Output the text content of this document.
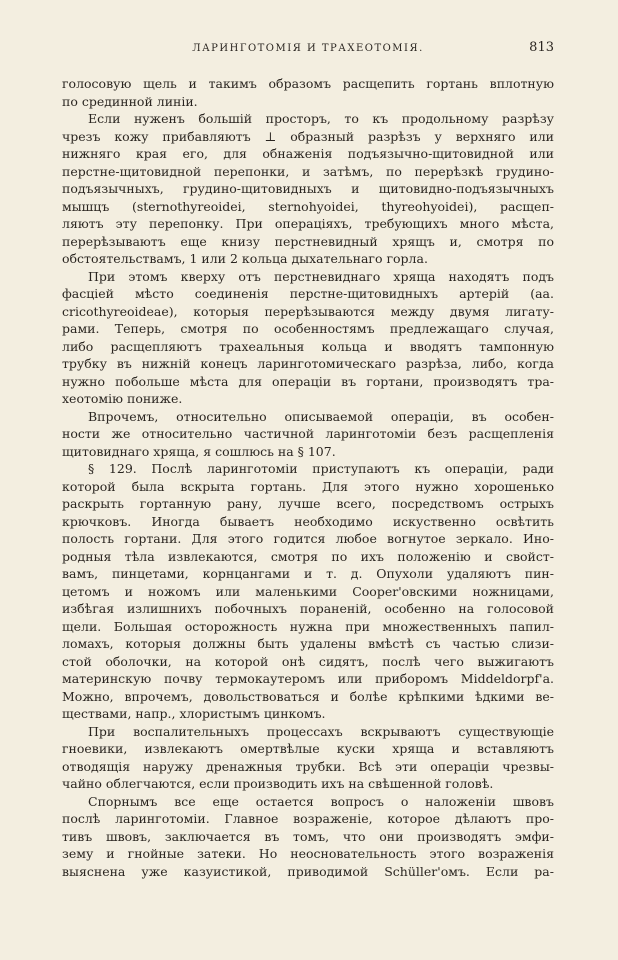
ЛАРИНГОТОМІЯ И ТРАХЕОТОМІЯ.	813
голосовую щель и такимъ образомъ расщепить гортань вплотную
по срединной линіи.
Если нуженъ большій просторъ, то къ продольному разрѣзу
чрезъ кожу прибавляютъ ⊥ образный разрѣзъ у верхняго или
нижняго края его, для обнаженія подъязычно-щитовидной или
перстне-щитовидной перепонки, и затѣмъ, по перерѣзкѣ грудино-
подъязычныхъ, грудино-щитовидныхъ и щитовидно-подъязычныхъ
мышцъ (sternothyreoidei, sternohyoidei, thyreohyoidei), расщеп-
ляютъ эту перепонку. При операціяхъ, требующихъ много мѣста,
перерѣзываютъ еще книзу перстневидный хрящъ и, смотря по
обстоятельствамъ, 1 или 2 кольца дыхательнаго горла.
При этомъ кверху отъ перстневиднаго хряща находятъ подъ
фасціей мѣсто соединенія перстне-щитовидныхъ артерій (aa.
cricothyreoideae), которыя перерѣзываются между двумя лигату-
рами. Теперь, смотря по особенностямъ предлежащаго случая,
либо расщепляютъ трахеальныя кольца и вводятъ тампонную
трубку въ нижній конецъ ларинготомическаго разрѣза, либо, когда
нужно побольше мѣста для операціи въ гортани, производятъ тра-
хеотомію пониже.
Впрочемъ, относительно описываемой операціи, въ особен-
ности же относительно частичной ларинготоміи безъ расщепленія
щитовиднаго хряща, я сошлюсь на § 107.
§ 129. Послѣ ларинготоміи приступаютъ къ операціи, ради
которой была вскрыта гортань. Для этого нужно хорошенько
раскрыть гортанную рану, лучше всего, посредствомъ острыхъ
крючковъ. Иногда бываетъ необходимо искуственно освѣтить
полость гортани. Для этого годится любое вогнутое зеркало. Ино-
родныя тѣла извлекаются, смотря по ихъ положенію и свойст-
вамъ, пинцетами, корнцангами и т. д. Опухоли удаляютъ пин-
цетомъ и ножомъ или маленькими Cooper'овскими ножницами,
избѣгая излишнихъ побочныхъ пораненій, особенно на голосовой
щели. Большая осторожность нужна при множественныхъ папил-
ломахъ, которыя должны быть удалены вмѣстѣ съ частью слизи-
стой оболочки, на которой онѣ сидятъ, послѣ чего выжигаютъ
материнскую почву термокаутеромъ или приборомъ Middeldorpf'a.
Можно, впрочемъ, довольствоваться и болѣе крѣпкими ѣдкими ве-
ществами, напр., хлористымъ цинкомъ.
При воспалительныхъ процессахъ вскрываютъ существующіе
гноевики, извлекаютъ омертвѣлые куски хряща и вставляютъ
отводящія наружу дренажныя трубки. Всѣ эти операціи чрезвы-
чайно облегчаются, если производить ихъ на свѣшенной головѣ.
Спорнымъ все еще остается вопросъ о наложеніи швовъ
послѣ ларинготоміи. Главное возраженіе, которое дѣлаютъ про-
тивъ швовъ, заключается въ томъ, что они производятъ эмфи-
зему и гнойные затеки. Но неосновательность этого возраженія
выяснена уже казуистикой, приводимой Schüller'омъ. Если ра-
